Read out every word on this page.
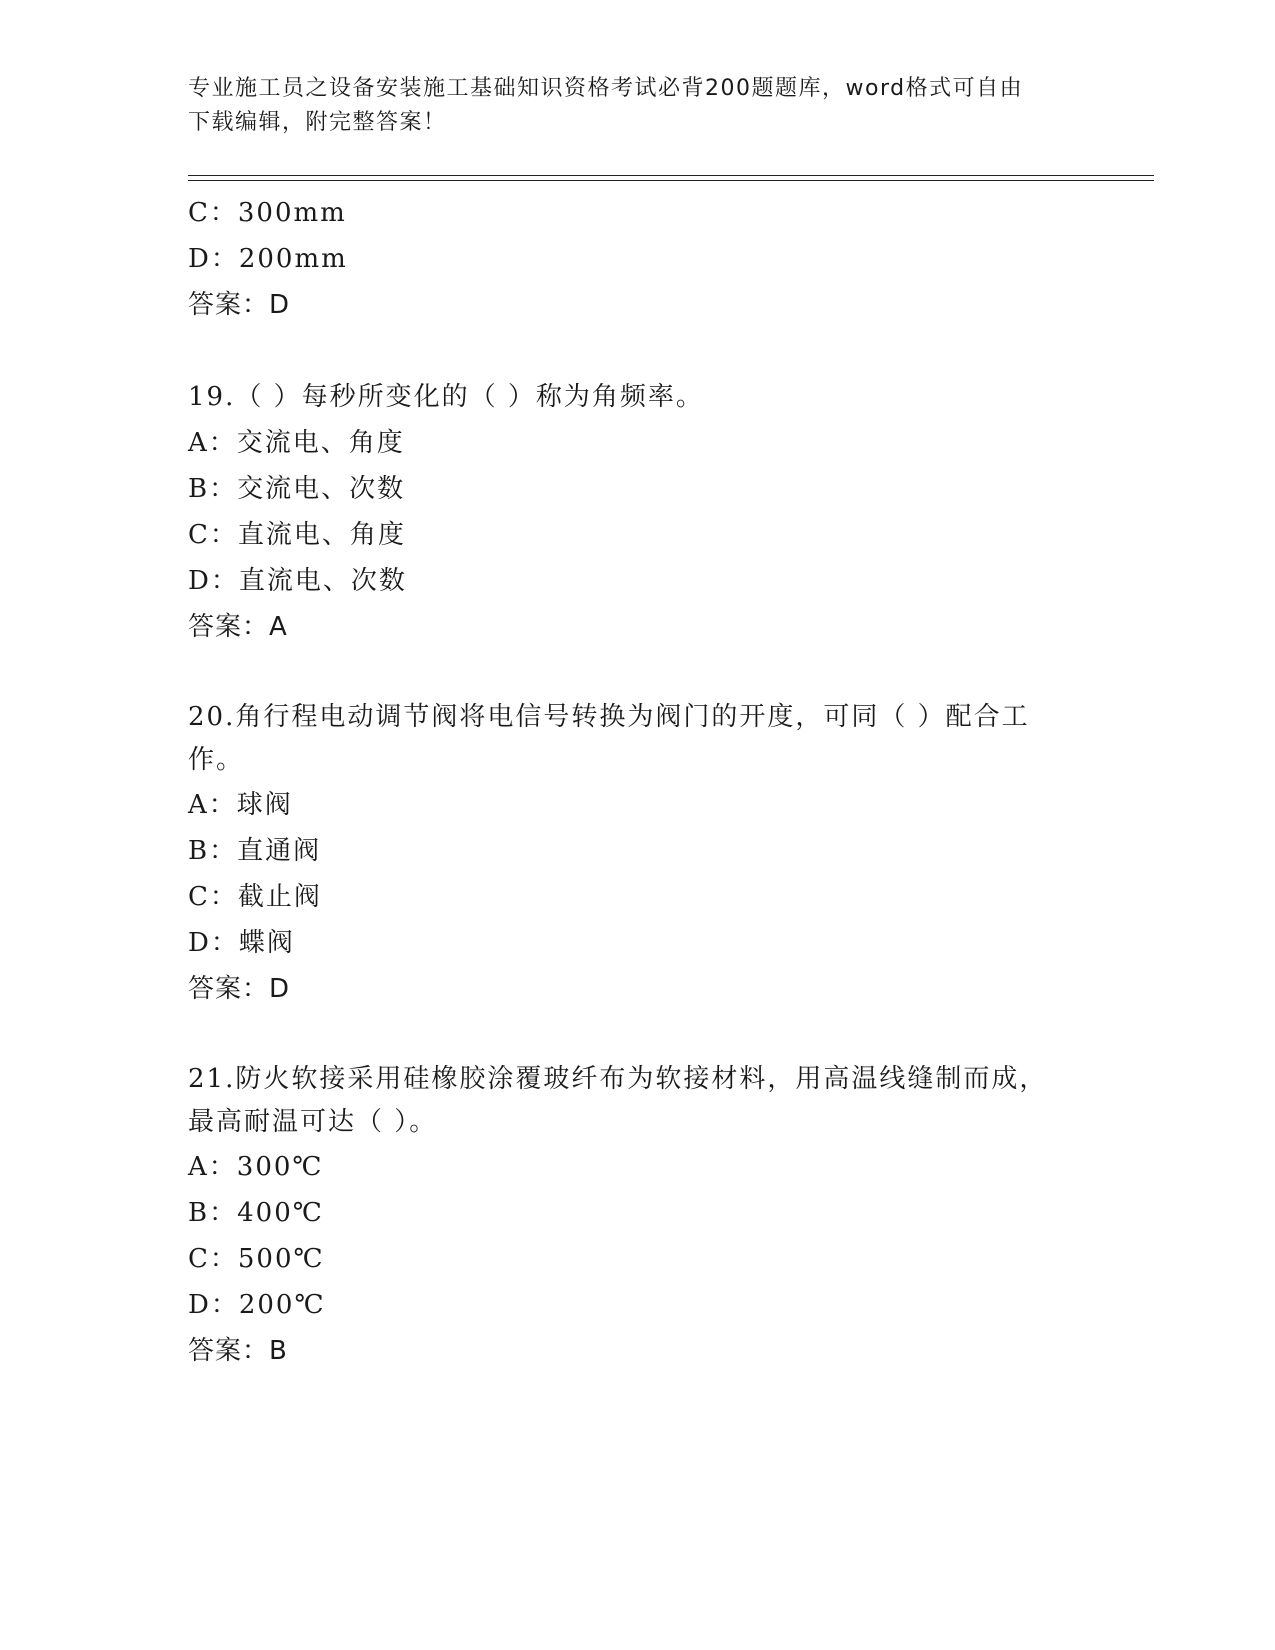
专业施工员之设备安装施工基础知识资格考试必背200题题库，word格式可自由
下载编辑，附完整答案！
C：300mm
D：200mm
答案：D
19.（ ）每秒所变化的（ ）称为角频率。
A：交流电、角度
B：交流电、次数
C：直流电、角度
D：直流电、次数
答案：A
20.角行程电动调节阀将电信号转换为阀门的开度，可同（ ）配合工
作。
A：球阀
B：直通阀
C：截止阀
D：蝶阀
答案：D
21.防火软接采用硅橡胶涂覆玻纤布为软接材料，用高温线缝制而成，
最高耐温可达（ ）。
A：300℃
B：400℃
C：500℃
D：200℃
答案：B
